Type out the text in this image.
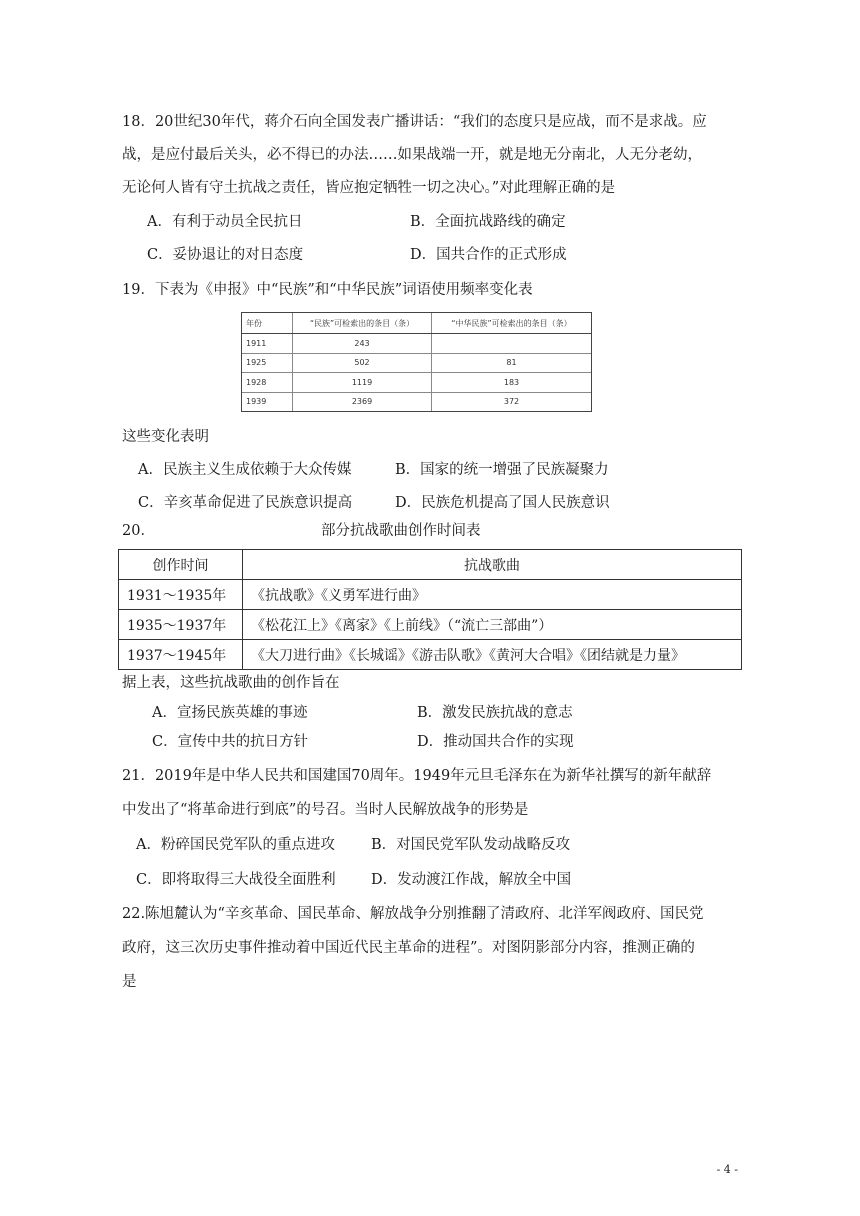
18．20世纪30年代，蒋介石向全国发表广播讲话：“我们的态度只是应战，而不是求战。应
战，是应付最后关头，必不得已的办法……如果战端一开，就是地无分南北，人无分老幼，
无论何人皆有守土抗战之责任，皆应抱定牺牲一切之决心。”对此理解正确的是
A．有利于动员全民抗日	B．全面抗战路线的确定
C．妥协退让的对日态度	D．国共合作的正式形成
19．下表为《申报》中“民族”和“中华民族”词语使用频率变化表
年份	“民族”可检索出的条目（条）	“中华民族”可检索出的条目（条）
1911	243	
1925	502	81
1928	1119	183
1939	2369	372
这些变化表明
A．民族主义生成依赖于大众传媒	B．国家的统一增强了民族凝聚力
C．辛亥革命促进了民族意识提高	D．民族危机提高了国人民族意识
20．	部分抗战歌曲创作时间表
创作时间	抗战歌曲
1931～1935年	《抗战歌》《义勇军进行曲》
1935～1937年	《松花江上》《离家》《上前线》（“流亡三部曲”）
1937～1945年	《大刀进行曲》《长城谣》《游击队歌》《黄河大合唱》《团结就是力量》
据上表，这些抗战歌曲的创作旨在
A．宣扬民族英雄的事迹	B．激发民族抗战的意志
C．宣传中共的抗日方针	D．推动国共合作的实现
21．2019年是中华人民共和国建国70周年。1949年元旦毛泽东在为新华社撰写的新年献辞
中发出了“将革命进行到底”的号召。当时人民解放战争的形势是
A．粉碎国民党军队的重点进攻 B．对国民党军队发动战略反攻
C．即将取得三大战役全面胜利 D．发动渡江作战，解放全中国
22.陈旭麓认为“辛亥革命、国民革命、解放战争分别推翻了清政府、北洋军阀政府、国民党
政府，这三次历史事件推动着中国近代民主革命的进程”。对图阴影部分内容，推测正确的
是
- 4 -
